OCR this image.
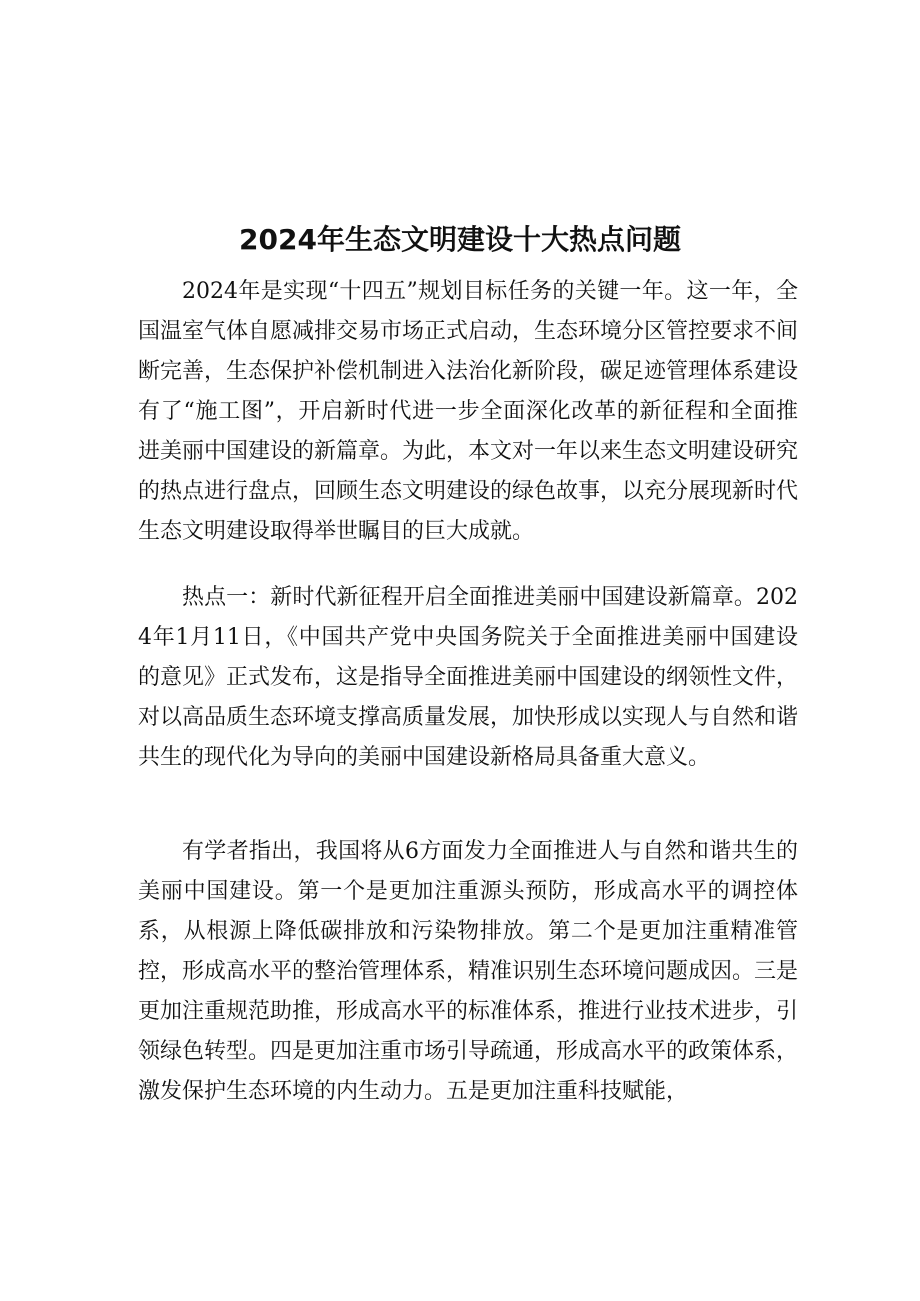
2024年生态文明建设十大热点问题

2024年是实现“十四五”规划目标任务的关键一年。这一年，全国温室气体自愿减排交易市场正式启动，生态环境分区管控要求不间断完善，生态保护补偿机制进入法治化新阶段，碳足迹管理体系建设有了“施工图”，开启新时代进一步全面深化改革的新征程和全面推进美丽中国建设的新篇章。为此，本文对一年以来生态文明建设研究的热点进行盘点，回顾生态文明建设的绿色故事，以充分展现新时代生态文明建设取得举世瞩目的巨大成就。

热点一：新时代新征程开启全面推进美丽中国建设新篇章。2024年1月11日，《中国共产党中央国务院关于全面推进美丽中国建设的意见》正式发布，这是指导全面推进美丽中国建设的纲领性文件，对以高品质生态环境支撑高质量发展，加快形成以实现人与自然和谐共生的现代化为导向的美丽中国建设新格局具备重大意义。

有学者指出，我国将从6方面发力全面推进人与自然和谐共生的美丽中国建设。第一个是更加注重源头预防，形成高水平的调控体系，从根源上降低碳排放和污染物排放。第二个是更加注重精准管控，形成高水平的整治管理体系，精准识别生态环境问题成因。三是更加注重规范助推，形成高水平的标准体系，推进行业技术进步，引领绿色转型。四是更加注重市场引导疏通，形成高水平的政策体系，激发保护生态环境的内生动力。五是更加注重科技赋能，
